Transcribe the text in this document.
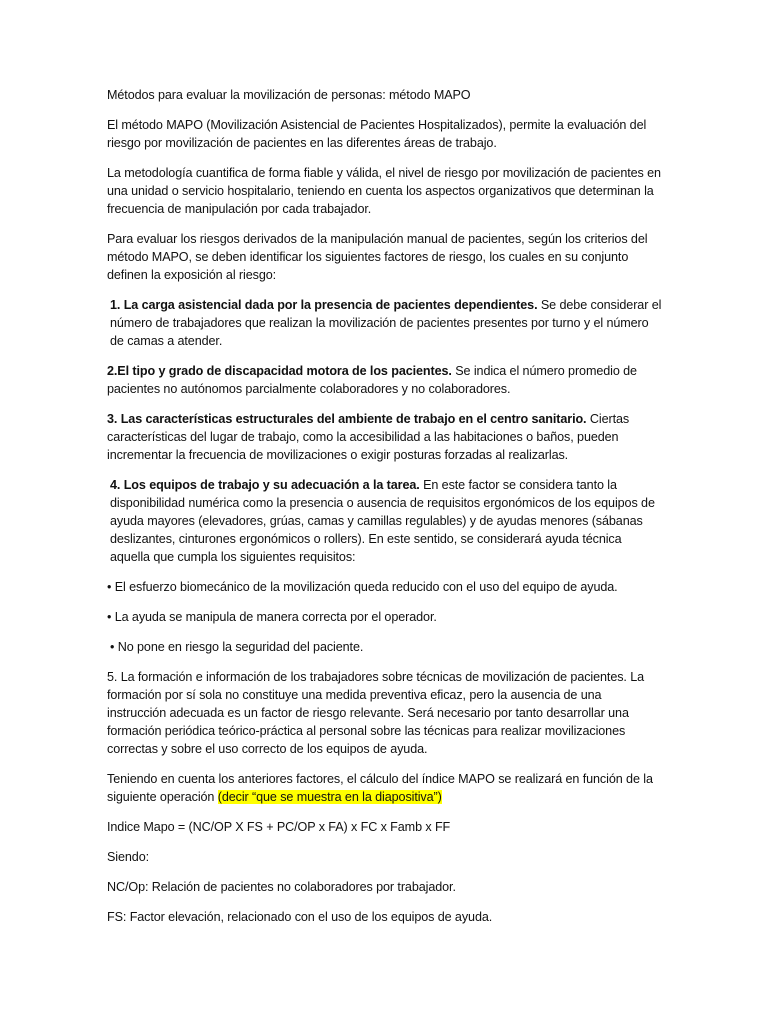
Métodos para evaluar la movilización de personas: método MAPO

El método MAPO (Movilización Asistencial de Pacientes Hospitalizados), permite la evaluación del riesgo por movilización de pacientes en las diferentes áreas de trabajo.

La metodología cuantifica de forma fiable y válida, el nivel de riesgo por movilización de pacientes en una unidad o servicio hospitalario, teniendo en cuenta los aspectos organizativos que determinan la frecuencia de manipulación por cada trabajador.

Para evaluar los riesgos derivados de la manipulación manual de pacientes, según los criterios del método MAPO, se deben identificar los siguientes factores de riesgo, los cuales en su conjunto definen la exposición al riesgo:

1. La carga asistencial dada por la presencia de pacientes dependientes. Se debe considerar el número de trabajadores que realizan la movilización de pacientes presentes por turno y el número de camas a atender.

2.El tipo y grado de discapacidad motora de los pacientes. Se indica el número promedio de pacientes no autónomos parcialmente colaboradores y no colaboradores.

3. Las características estructurales del ambiente de trabajo en el centro sanitario. Ciertas características del lugar de trabajo, como la accesibilidad a las habitaciones o baños, pueden incrementar la frecuencia de movilizaciones o exigir posturas forzadas al realizarlas.

4. Los equipos de trabajo y su adecuación a la tarea. En este factor se considera tanto la disponibilidad numérica como la presencia o ausencia de requisitos ergonómicos de los equipos de ayuda mayores (elevadores, grúas, camas y camillas regulables) y de ayudas menores (sábanas deslizantes, cinturones ergonómicos o rollers). En este sentido, se considerará ayuda técnica aquella que cumpla los siguientes requisitos:

• El esfuerzo biomecánico de la movilización queda reducido con el uso del equipo de ayuda.

• La ayuda se manipula de manera correcta por el operador.

• No pone en riesgo la seguridad del paciente.

5. La formación e información de los trabajadores sobre técnicas de movilización de pacientes. La formación por sí sola no constituye una medida preventiva eficaz, pero la ausencia de una instrucción adecuada es un factor de riesgo relevante. Será necesario por tanto desarrollar una formación periódica teórico-práctica al personal sobre las técnicas para realizar movilizaciones correctas y sobre el uso correcto de los equipos de ayuda.

Teniendo en cuenta los anteriores factores, el cálculo del índice MAPO se realizará en función de la siguiente operación (decir “que se muestra en la diapositiva”)

Indice Mapo = (NC/OP X FS + PC/OP x FA) x FC x Famb x FF

Siendo:

NC/Op: Relación de pacientes no colaboradores por trabajador.

FS: Factor elevación, relacionado con el uso de los equipos de ayuda.
